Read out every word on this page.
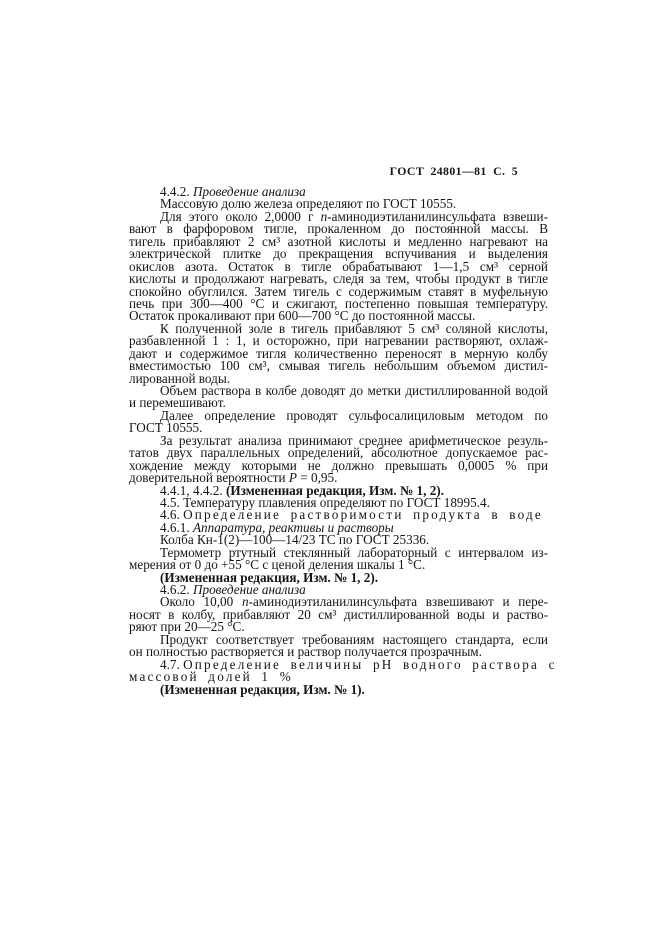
ГОСТ 24801—81 С. 5
4.4.2. Проведение анализа
Массовую долю железа определяют по ГОСТ 10555.
Для этого около 2,0000 г п-аминодиэтиланилинсульфата взвеши-
вают в фарфоровом тигле, прокаленном до постоянной массы. В
тигель прибавляют 2 см³ азотной кислоты и медленно нагревают на
электрической плитке до прекращения вспучивания и выделения
окислов азота. Остаток в тигле обрабатывают 1—1,5 см³ серной
кислоты и продолжают нагревать, следя за тем, чтобы продукт в тигле
спокойно обуглился. Затем тигель с содержимым ставят в муфельную
печь при 300—400 °С и сжигают, постепенно повышая температуру.
Остаток прокаливают при 600—700 °С до постоянной массы.
К полученной золе в тигель прибавляют 5 см³ соляной кислоты,
разбавленной 1 : 1, и осторожно, при нагревании растворяют, охлаж-
дают и содержимое тигля количественно переносят в мерную колбу
вместимостью 100 см³, смывая тигель небольшим объемом дистил-
лированной воды.
Объем раствора в колбе доводят до метки дистиллированной водой
и перемешивают.
Далее определение проводят сульфосалициловым методом по
ГОСТ 10555.
За результат анализа принимают среднее арифметическое резуль-
татов двух параллельных определений, абсолютное допускаемое рас-
хождение между которыми не должно превышать 0,0005 % при
доверительной вероятности Р = 0,95.
4.4.1, 4.4.2. (Измененная редакция, Изм. № 1, 2).
4.5. Температуру плавления определяют по ГОСТ 18995.4.
4.6. Определение растворимости продукта в воде
4.6.1. Аппаратура, реактивы и растворы
Колба Кн-1(2)—100—14/23 ТС по ГОСТ 25336.
Термометр ртутный стеклянный лабораторный с интервалом из-
мерения от 0 до +55 °С с ценой деления шкалы 1 °С.
(Измененная редакция, Изм. № 1, 2).
4.6.2. Проведение анализа
Около 10,00 п-аминодиэтиланилинсульфата взвешивают и пере-
носят в колбу, прибавляют 20 см³ дистиллированной воды и раство-
ряют при 20—25 °С.
Продукт соответствует требованиям настоящего стандарта, если
он полностью растворяется и раствор получается прозрачным.
4.7. Определение величины рН водного раствора с
массовой долей 1 %
(Измененная редакция, Изм. № 1).
